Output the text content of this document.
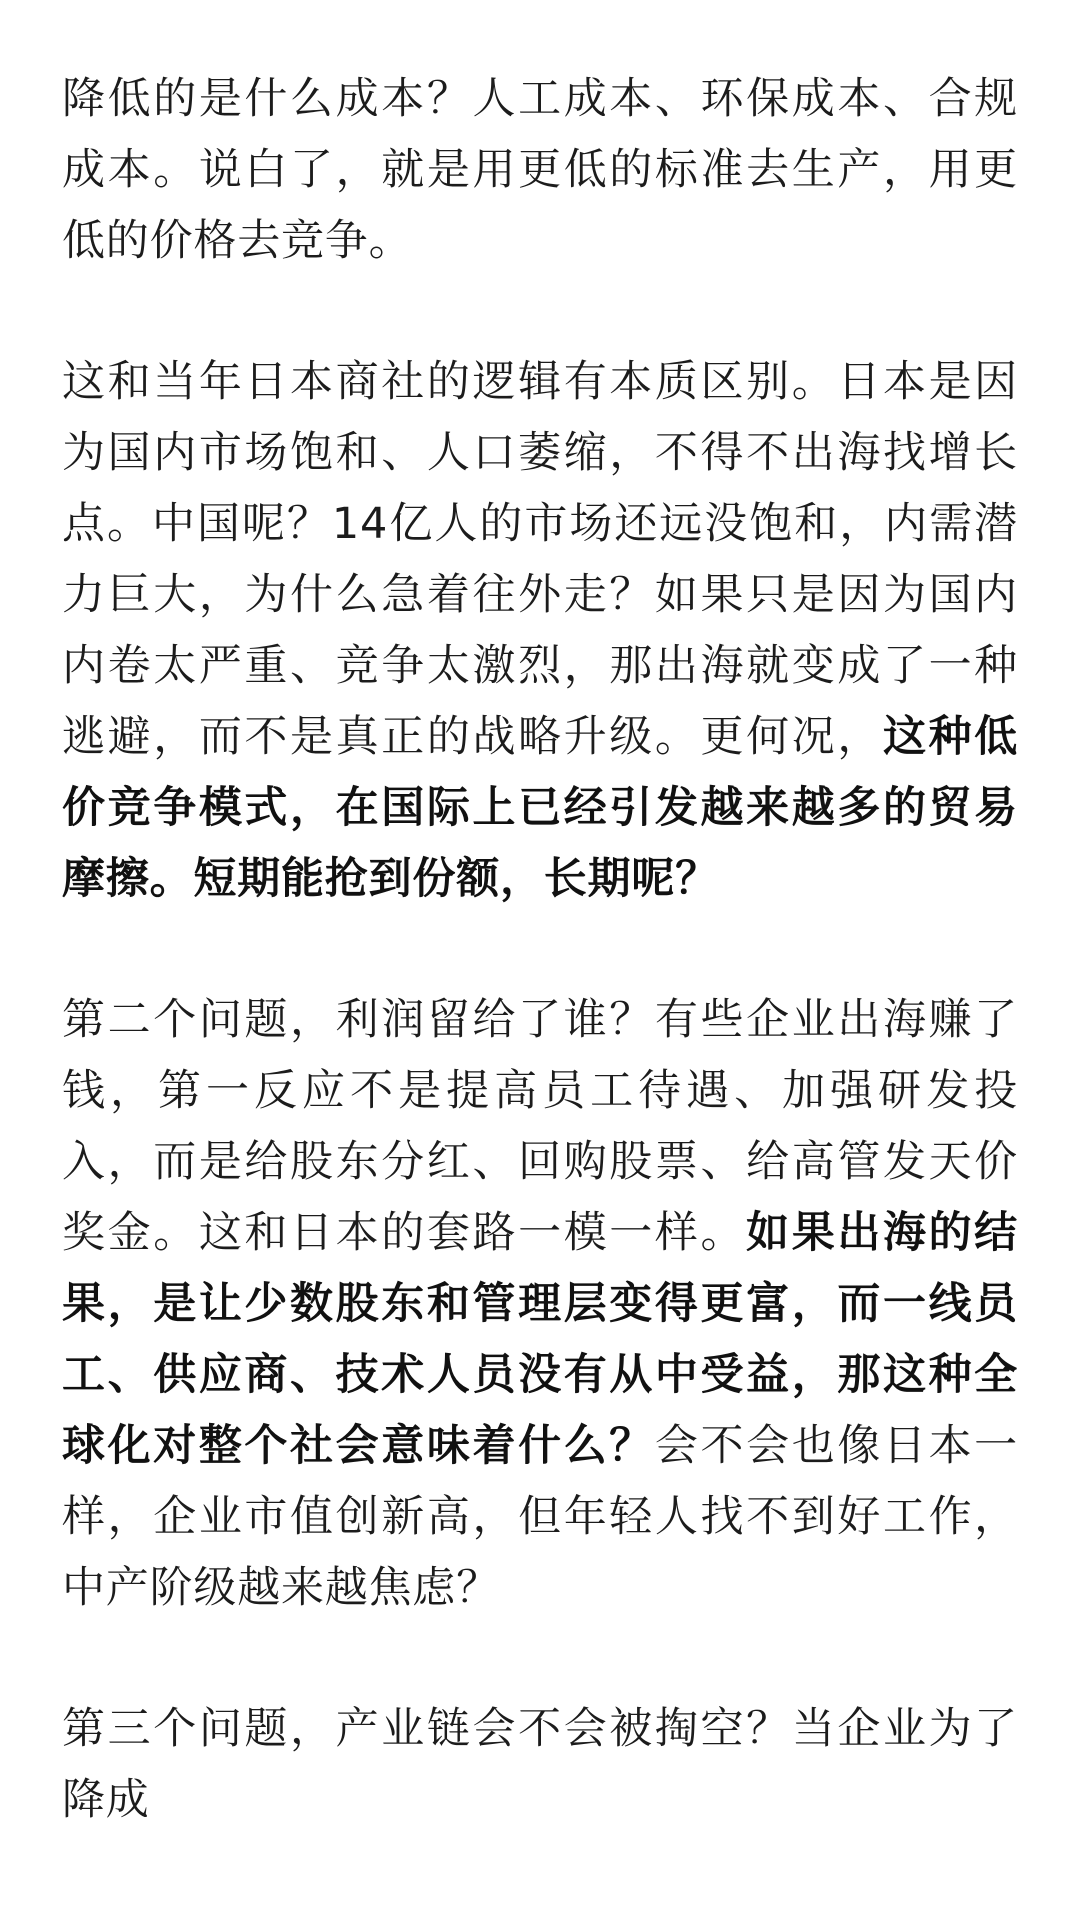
降低的是什么成本？人工成本、环保成本、合规成本。说白了，就是用更低的标准去生产，用更低的价格去竞争。

这和当年日本商社的逻辑有本质区别。日本是因为国内市场饱和、人口萎缩，不得不出海找增长点。中国呢？14亿人的市场还远没饱和，内需潜力巨大，为什么急着往外走？如果只是因为国内内卷太严重、竞争太激烈，那出海就变成了一种逃避，而不是真正的战略升级。更何况，这种低价竞争模式，在国际上已经引发越来越多的贸易摩擦。短期能抢到份额，长期呢？

第二个问题，利润留给了谁？有些企业出海赚了钱，第一反应不是提高员工待遇、加强研发投入，而是给股东分红、回购股票、给高管发天价奖金。这和日本的套路一模一样。如果出海的结果，是让少数股东和管理层变得更富，而一线员工、供应商、技术人员没有从中受益，那这种全球化对整个社会意味着什么？会不会也像日本一样，企业市值创新高，但年轻人找不到好工作，中产阶级越来越焦虑？

第三个问题，产业链会不会被掏空？当企业为了降成
